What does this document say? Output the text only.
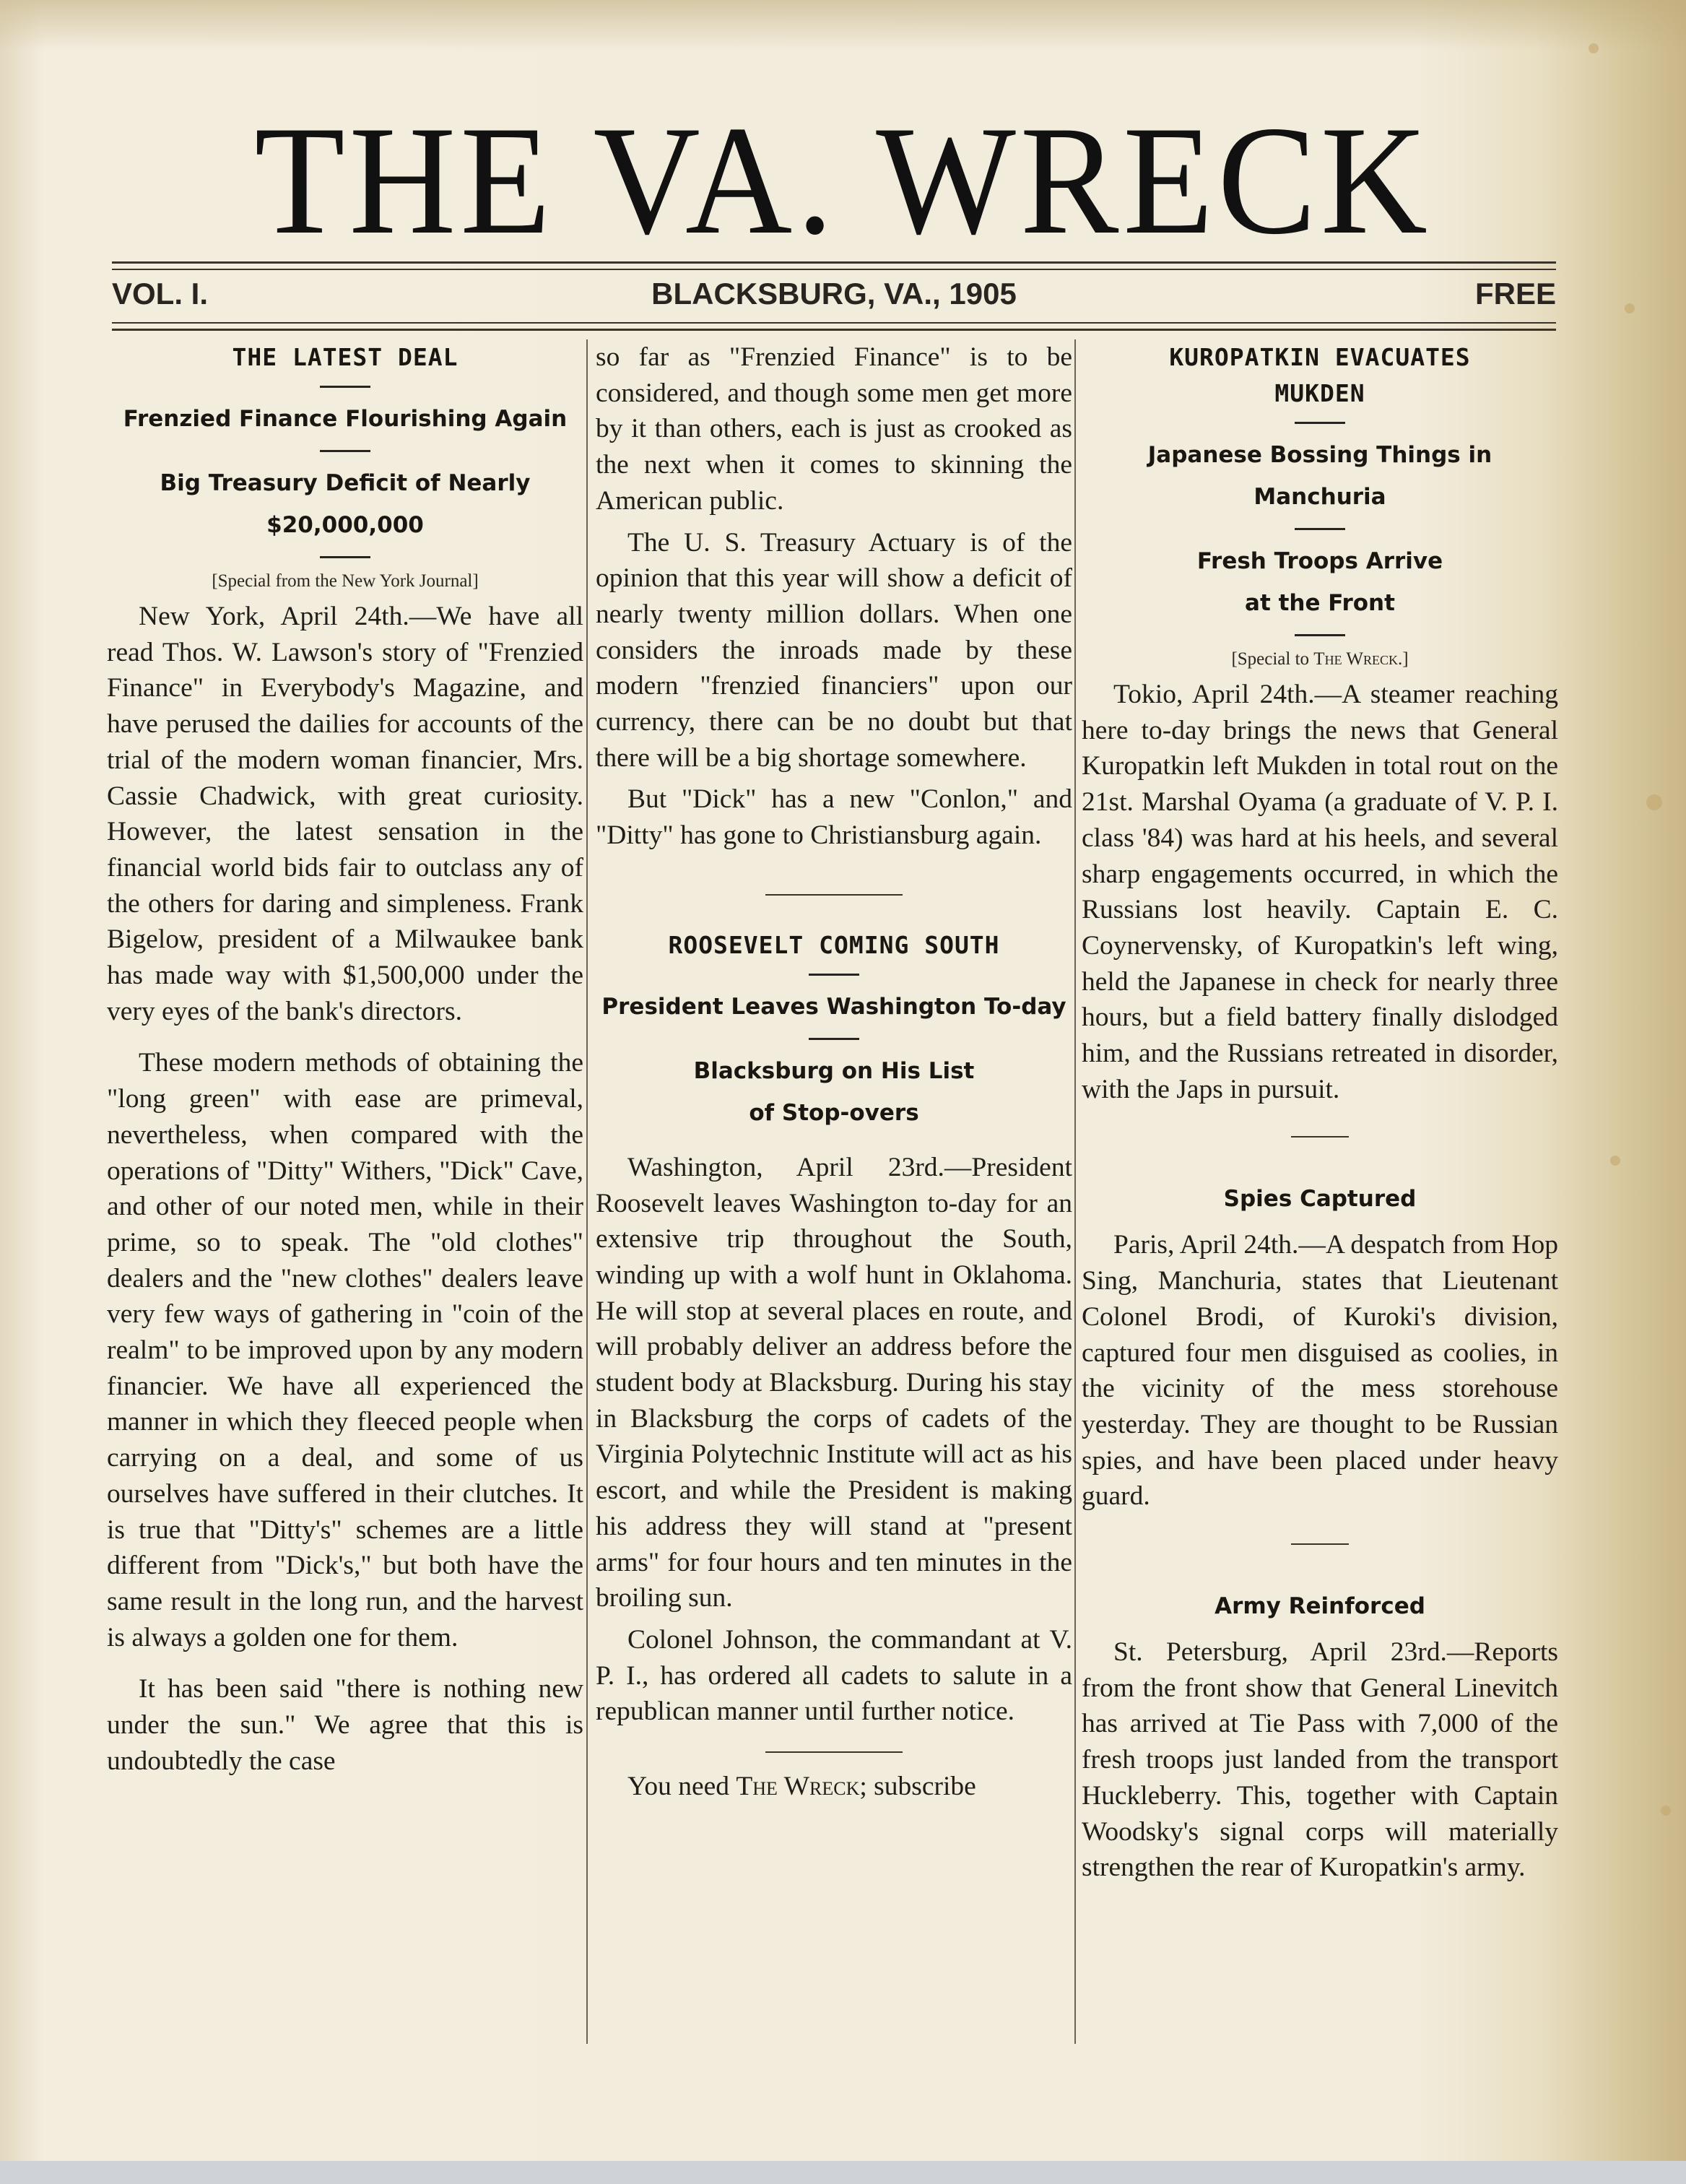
THE VA. WRECK
VOL. I.	BLACKSBURG, VA., 1905	FREE
THE LATEST DEAL
Frenzied Finance Flourishing Again
Big Treasury Deficit of Nearly
$20,000,000
[Special from the New York Journal]

New York, April 24th.—We have all read Thos. W. Lawson's story of "Frenzied Finance" in Everybody's Magazine, and have perused the dailies for accounts of the trial of the modern woman financier, Mrs. Cassie Chadwick, with great curiosity. However, the latest sensation in the financial world bids fair to outclass any of the others for daring and simpleness. Frank Bigelow, president of a Milwaukee bank has made way with $1,500,000 under the very eyes of the bank's directors.

These modern methods of obtaining the "long green" with ease are primeval, nevertheless, when compared with the operations of "Ditty" Withers, "Dick" Cave, and other of our noted men, while in their prime, so to speak. The "old clothes" dealers and the "new clothes" dealers leave very few ways of gathering in "coin of the realm" to be improved upon by any modern financier. We have all experienced the manner in which they fleeced people when carrying on a deal, and some of us ourselves have suffered in their clutches. It is true that "Ditty's" schemes are a little different from "Dick's," but both have the same result in the long run, and the harvest is always a golden one for them.

It has been said "there is nothing new under the sun." We agree that this is undoubtedly the case

so far as "Frenzied Finance" is to be considered, and though some men get more by it than others, each is just as crooked as the next when it comes to skinning the American public.

The U. S. Treasury Actuary is of the opinion that this year will show a deficit of nearly twenty million dollars. When one considers the inroads made by these modern "frenzied financiers" upon our currency, there can be no doubt but that there will be a big shortage somewhere.

But "Dick" has a new "Conlon," and "Ditty" has gone to Christiansburg again.

ROOSEVELT COMING SOUTH
President Leaves Washington To-day
Blacksburg on His List
of Stop-overs

Washington, April 23rd.—President Roosevelt leaves Washington to-day for an extensive trip throughout the South, winding up with a wolf hunt in Oklahoma. He will stop at several places en route, and will probably deliver an address before the student body at Blacksburg. During his stay in Blacksburg the corps of cadets of the Virginia Polytechnic Institute will act as his escort, and while the President is making his address they will stand at "present arms" for four hours and ten minutes in the broiling sun.

Colonel Johnson, the commandant at V. P. I., has ordered all cadets to salute in a republican manner until further notice.

You need The Wreck; subscribe

KUROPATKIN EVACUATES
MUKDEN
Japanese Bossing Things in Manchuria
Fresh Troops Arrive
at the Front
[Special to The Wreck.]

Tokio, April 24th.—A steamer reaching here to-day brings the news that General Kuropatkin left Mukden in total rout on the 21st. Marshal Oyama (a graduate of V. P. I. class '84) was hard at his heels, and several sharp engagements occurred, in which the Russians lost heavily. Captain E. C. Coynervensky, of Kuropatkin's left wing, held the Japanese in check for nearly three hours, but a field battery finally dislodged him, and the Russians retreated in disorder, with the Japs in pursuit.

Spies Captured

Paris, April 24th.—A despatch from Hop Sing, Manchuria, states that Lieutenant Colonel Brodi, of Kuroki's division, captured four men disguised as coolies, in the vicinity of the mess storehouse yesterday. They are thought to be Russian spies, and have been placed under heavy guard.

Army Reinforced

St. Petersburg, April 23rd.—Reports from the front show that General Linevitch has arrived at Tie Pass with 7,000 of the fresh troops just landed from the transport Huckleberry. This, together with Captain Woodsky's signal corps will materially strengthen the rear of Kuropatkin's army.
